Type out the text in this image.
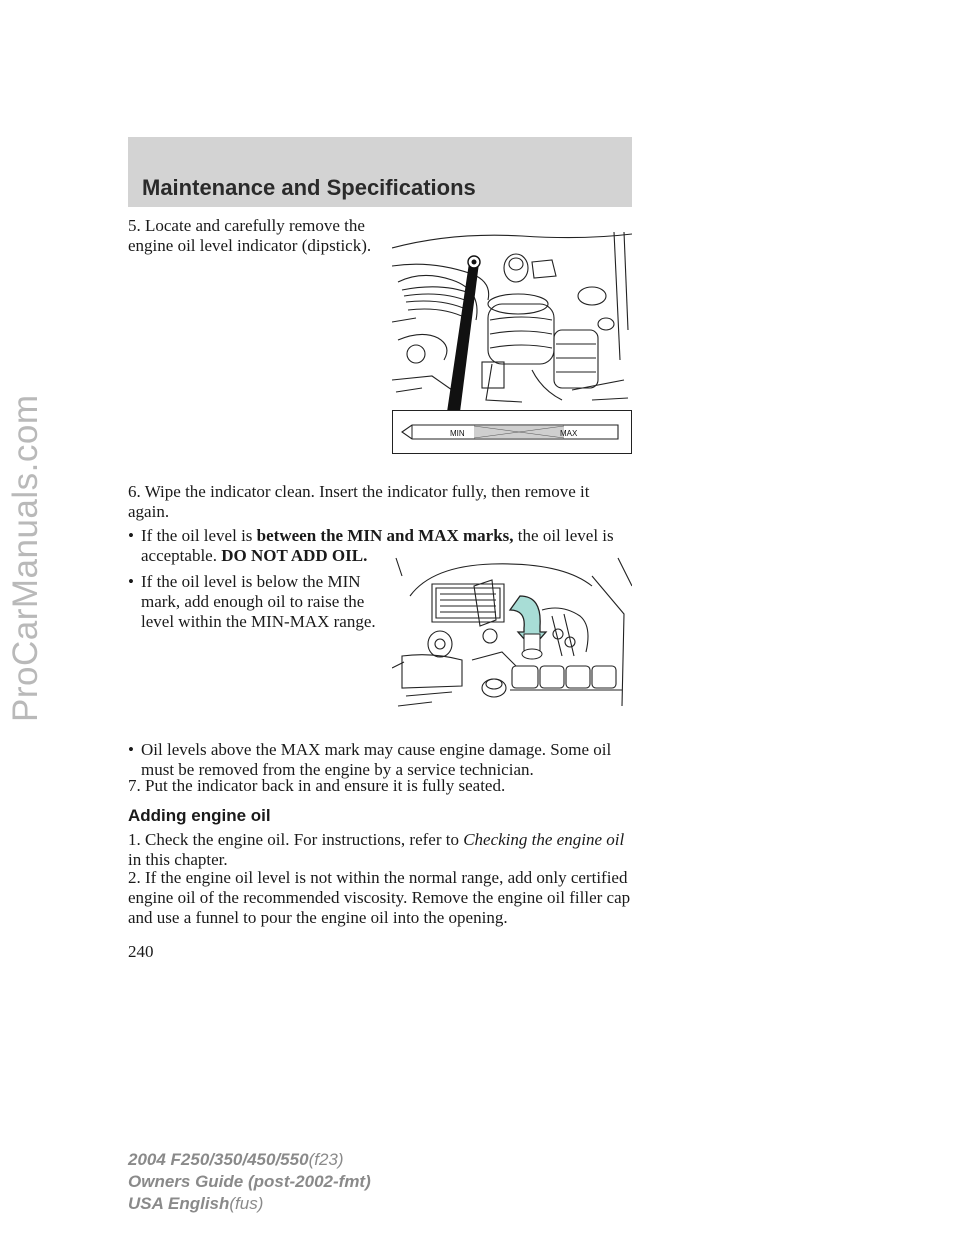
ProCarManuals.com
Maintenance and Specifications

5. Locate and carefully remove the engine oil level indicator (dipstick).

MIN	MAX

6. Wipe the indicator clean. Insert the indicator fully, then remove it again.

• If the oil level is between the MIN and MAX marks, the oil level is acceptable. DO NOT ADD OIL.
• If the oil level is below the MIN mark, add enough oil to raise the level within the MIN-MAX range.
• Oil levels above the MAX mark may cause engine damage. Some oil must be removed from the engine by a service technician.

7. Put the indicator back in and ensure it is fully seated.

Adding engine oil

1. Check the engine oil. For instructions, refer to Checking the engine oil in this chapter.

2. If the engine oil level is not within the normal range, add only certified engine oil of the recommended viscosity. Remove the engine oil filler cap and use a funnel to pour the engine oil into the opening.

240
2004 F250/350/450/550(f23)
Owners Guide (post-2002-fmt)
USA English(fus)
